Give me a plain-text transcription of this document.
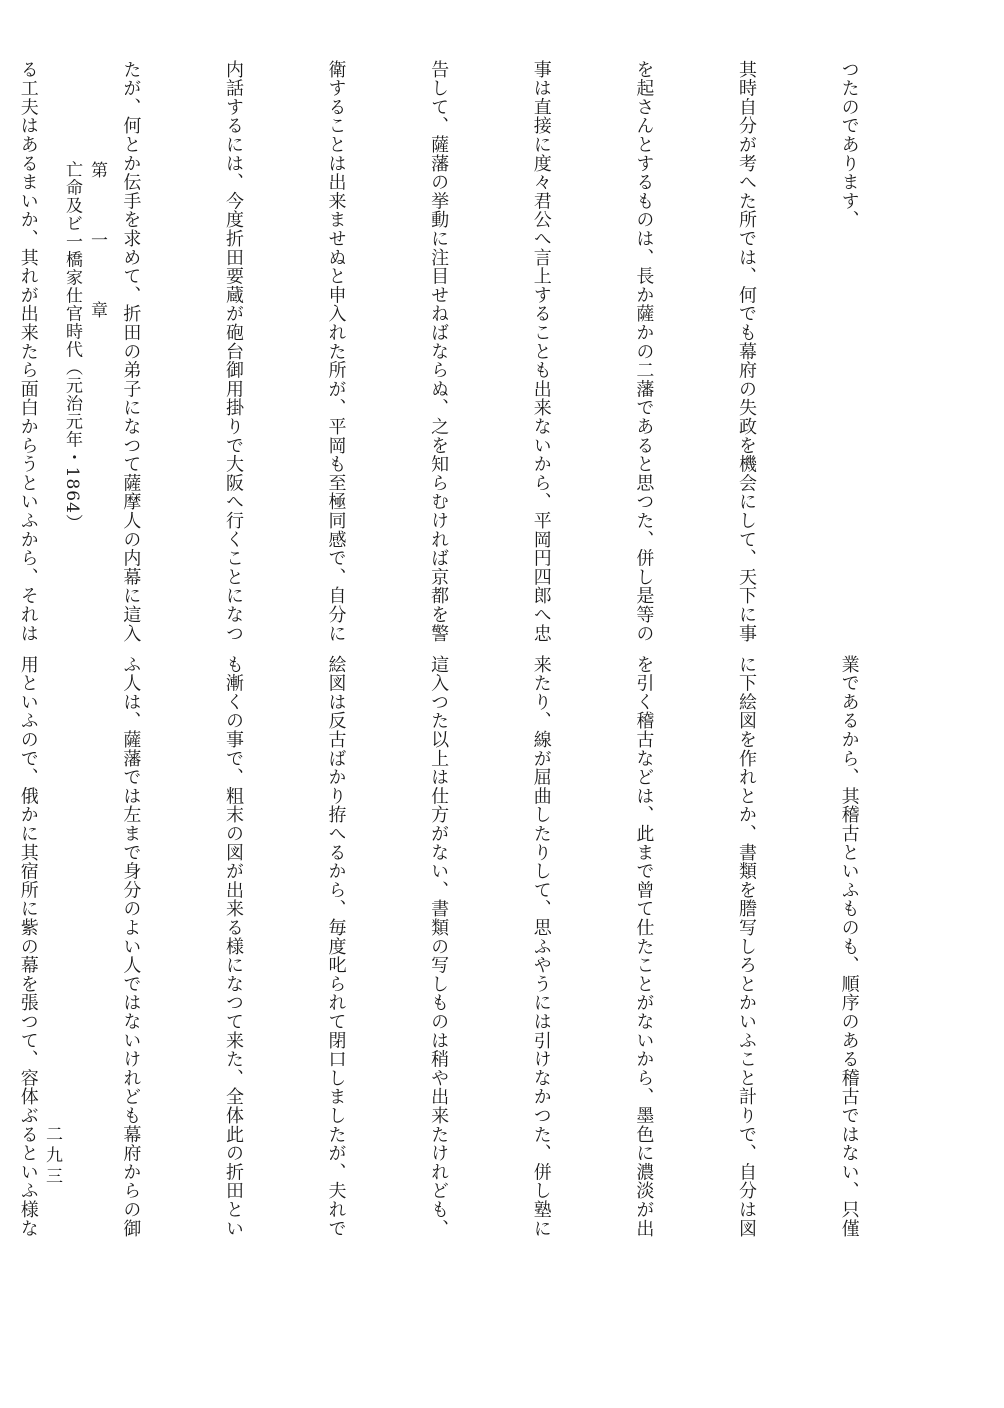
つたのであります、

其時自分が考へた所では、何でも幕府の失政を機会にして、天下に事

を起さんとするものは、長か薩かの二藩であると思つた、併し是等の

事は直接に度々君公へ言上することも出来ないから、平岡円四郎へ忠

告して、薩藩の挙動に注目せねばならぬ、之を知らむければ京都を警

衛することは出来ませぬと申入れた所が、平岡も至極同感で、自分に

内話するには、今度折田要蔵が砲台御用掛りで大阪へ行くことになつ

たが、何とか伝手を求めて、折田の弟子になつて薩摩人の内幕に這入

る工夫はあるまいか、其れが出来たら面白からうといふから、それは

業であるから、其稽古といふものも、順序のある稽古ではない、只僅

に下絵図を作れとか、書類を謄写しろとかいふこと計りで、自分は図

を引く稽古などは、此まで曾て仕たことがないから、墨色に濃淡が出

来たり、線が屈曲したりして、思ふやうには引けなかつた、併し塾に

這入つた以上は仕方がない、書類の写しものは稍や出来たけれども、

絵図は反古ばかり拵へるから、毎度叱られて閉口しましたが、夫れで

も漸くの事で、粗末の図が出来る様になつて来た、全体此の折田とい

ふ人は、薩藩では左まで身分のよい人ではないけれども幕府からの御

用といふので、俄かに其宿所に紫の幕を張つて、容体ぶるといふ様な

第　一　章
亡命及ビ一橋家仕官時代（元治元年・1864）

二九三
